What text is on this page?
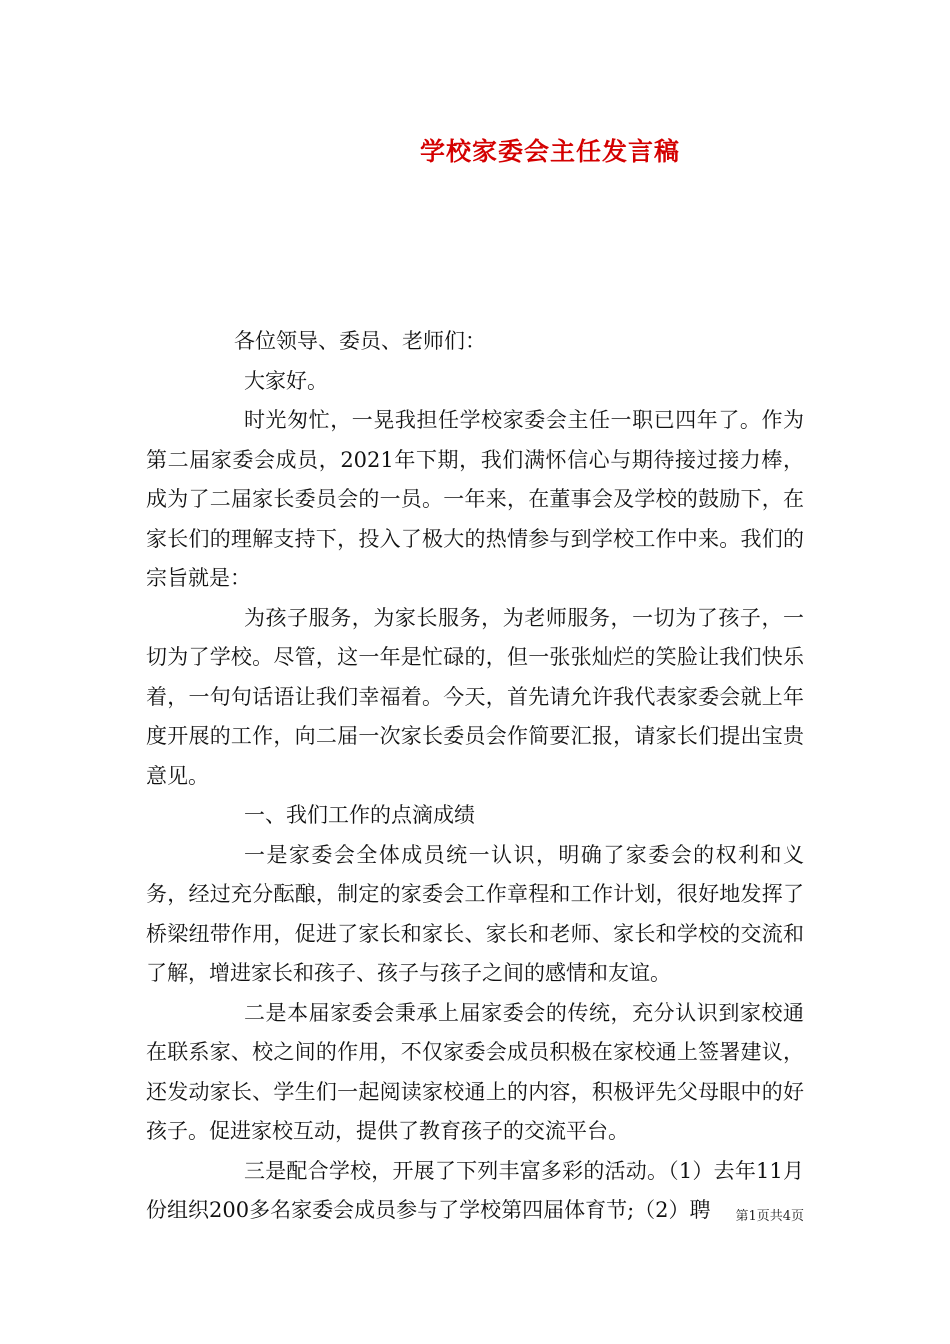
学校家委会主任发言稿

各位领导、委员、老师们：

大家好。

时光匆忙，一晃我担任学校家委会主任一职已四年了。作为第二届家委会成员，2021年下期，我们满怀信心与期待接过接力棒，成为了二届家长委员会的一员。一年来，在董事会及学校的鼓励下，在家长们的理解支持下，投入了极大的热情参与到学校工作中来。我们的宗旨就是：

为孩子服务，为家长服务，为老师服务，一切为了孩子，一切为了学校。尽管，这一年是忙碌的，但一张张灿烂的笑脸让我们快乐着，一句句话语让我们幸福着。今天，首先请允许我代表家委会就上年度开展的工作，向二届一次家长委员会作简要汇报，请家长们提出宝贵意见。

一、我们工作的点滴成绩

一是家委会全体成员统一认识，明确了家委会的权利和义务，经过充分酝酿，制定的家委会工作章程和工作计划，很好地发挥了桥梁纽带作用，促进了家长和家长、家长和老师、家长和学校的交流和了解，增进家长和孩子、孩子与孩子之间的感情和友谊。

二是本届家委会秉承上届家委会的传统，充分认识到家校通在联系家、校之间的作用，不仅家委会成员积极在家校通上签署建议，还发动家长、学生们一起阅读家校通上的内容，积极评先父母眼中的好孩子。促进家校互动，提供了教育孩子的交流平台。

三是配合学校，开展了下列丰富多彩的活动。（1）去年11月份组织200多名家委会成员参与了学校第四届体育节;（2）聘	第1页共4页
